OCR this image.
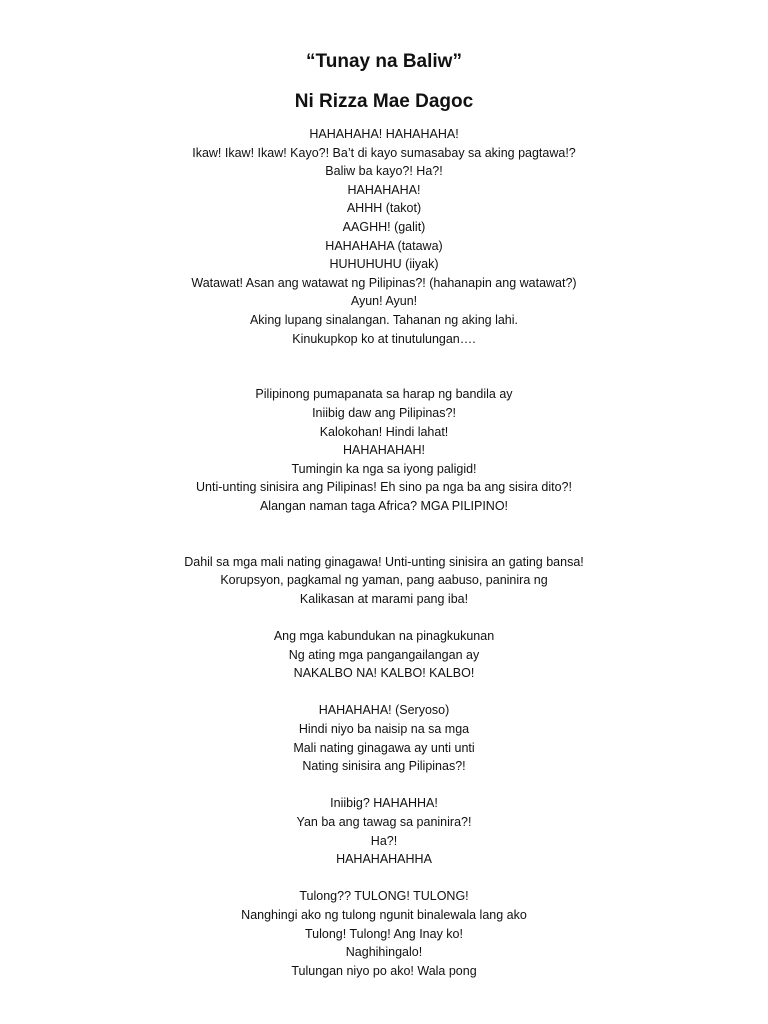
“Tunay na Baliw”
Ni Rizza Mae Dagoc
HAHAHAHA! HAHAHAHA!
Ikaw! Ikaw! Ikaw! Kayo?! Ba’t di kayo sumasabay sa aking pagtawa!?
Baliw ba kayo?! Ha?!
HAHAHAHA!
AHHH (takot)
AAGHH! (galit)
HAHAHAHA (tatawa)
HUHUHUHU (iiyak)
Watawat! Asan ang watawat ng Pilipinas?! (hahanapin ang watawat?)
Ayun! Ayun!
Aking lupang sinalangan. Tahanan ng aking lahi.
Kinukupkop ko at tinutulungan….
Pilipinong pumapanata sa harap ng bandila ay
Iniibig daw ang Pilipinas?!
Kalokohan! Hindi lahat!
HAHAHAHAH!
Tumingin ka nga sa iyong paligid!
Unti-unting sinisira ang Pilipinas! Eh sino pa nga ba ang sisira dito?!
Alangan naman taga Africa? MGA PILIPINO!
Dahil sa mga mali nating ginagawa! Unti-unting sinisira an gating bansa!
Korupsyon, pagkamal ng yaman, pang aabuso, paninira ng
Kalikasan at marami pang iba!
Ang mga kabundukan na pinagkukunan
Ng ating mga pangangailangan ay
NAKALBO NA! KALBO! KALBO!
HAHAHAHA! (Seryoso)
Hindi niyo ba naisip na sa mga
Mali nating ginagawa ay unti unti
Nating sinisira ang Pilipinas?!
Iniibig? HAHAHHA!
Yan ba ang tawag sa paninira?!
Ha?!
HAHAHAHAHHA
Tulong?? TULONG! TULONG!
Nanghingi ako ng tulong ngunit binalewala lang ako
Tulong! Tulong! Ang Inay ko!
Naghihingalo!
Tulungan niyo po ako! Wala pong
